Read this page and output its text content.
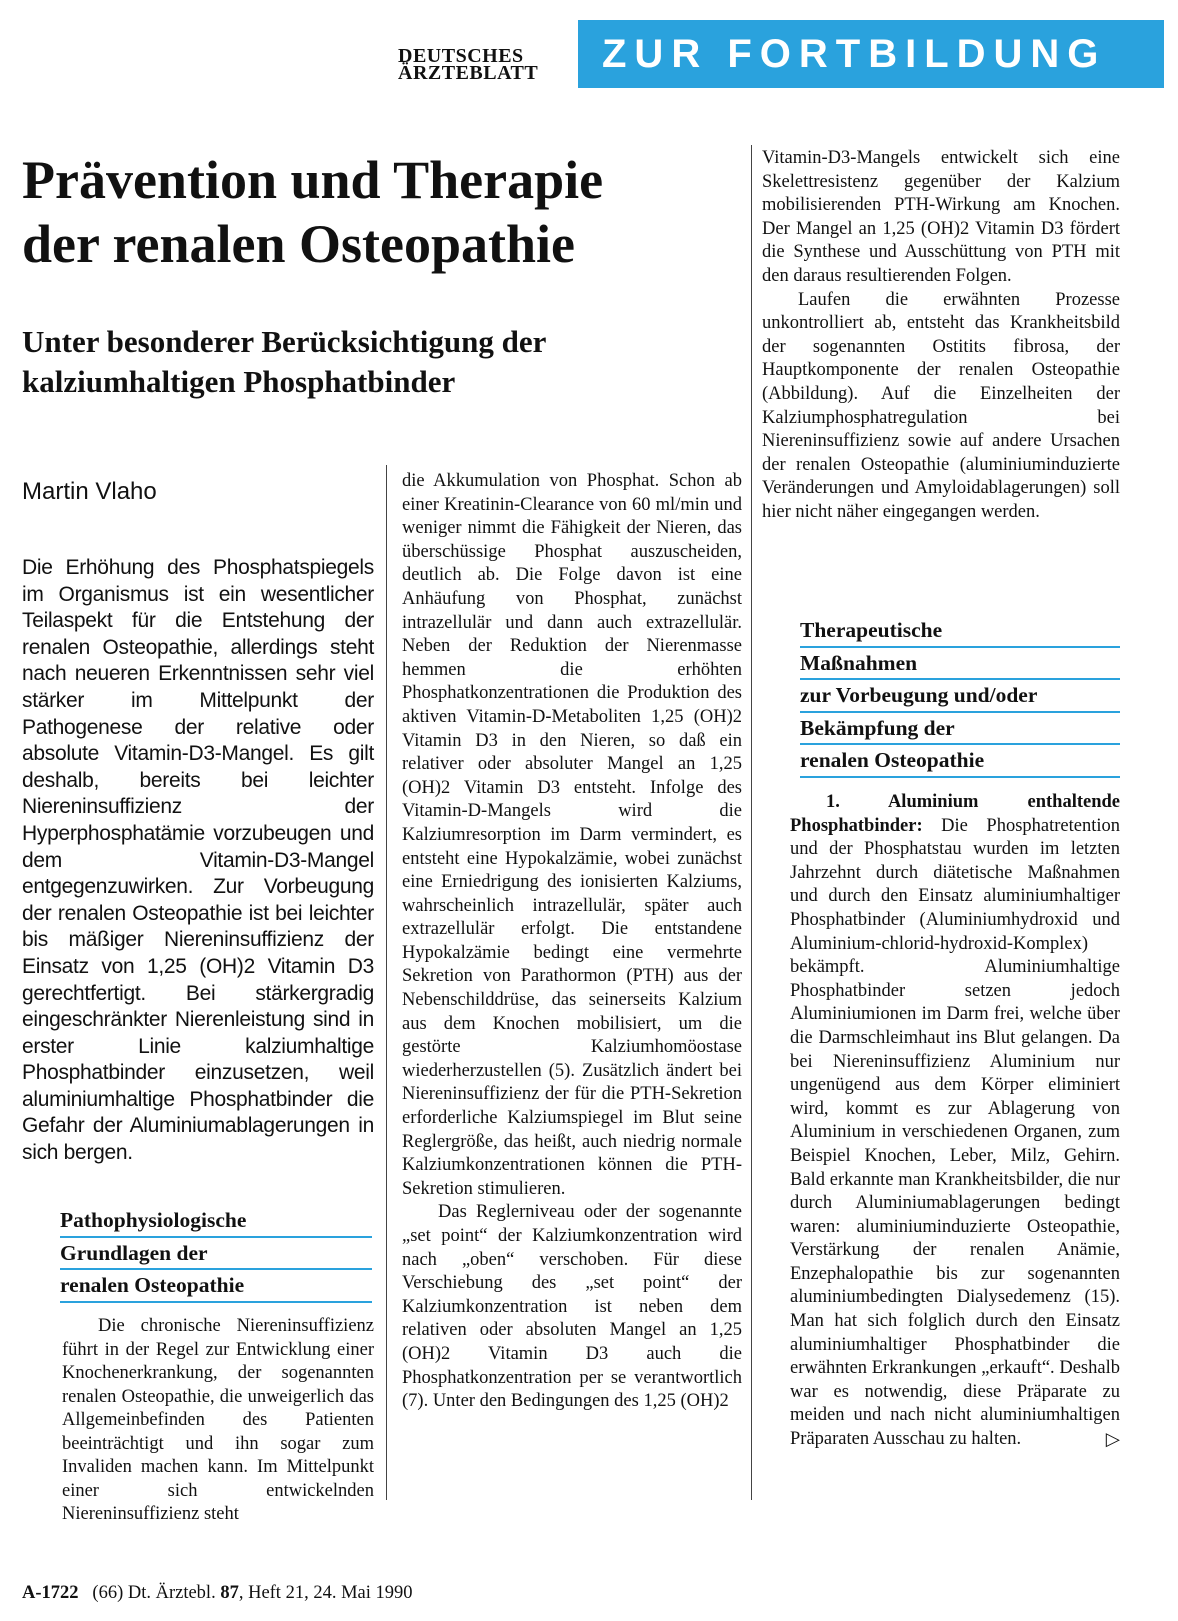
DEUTSCHES
ÄRZTEBLATT	ZUR FORTBILDUNG
Prävention und Therapie
der renalen Osteopathie
Unter besonderer Berücksichtigung der
kalziumhaltigen Phosphatbinder
Martin Vlaho

Die Erhöhung des Phosphatspiegels im Organismus ist ein wesentlicher Teilaspekt für die Entstehung der renalen Osteopathie, allerdings steht nach neueren Erkenntnissen sehr viel stärker im Mittelpunkt der Pathogenese der relative oder absolute Vitamin-D3-Mangel. Es gilt deshalb, bereits bei leichter Niereninsuffizienz der Hyperphosphatämie vorzubeugen und dem Vitamin-D3-Mangel entgegenzuwirken. Zur Vorbeugung der renalen Osteopathie ist bei leichter bis mäßiger Niereninsuffizienz der Einsatz von 1,25 (OH)2 Vitamin D3 gerechtfertigt. Bei stärkergradig eingeschränkter Nierenleistung sind in erster Linie kalziumhaltige Phosphatbinder einzusetzen, weil aluminiumhaltige Phosphatbinder die Gefahr der Aluminiumablagerungen in sich bergen.

Pathophysiologische
Grundlagen der
renalen Osteopathie

Die chronische Niereninsuffizienz führt in der Regel zur Entwicklung einer Knochenerkrankung, der sogenannten renalen Osteopathie, die unweigerlich das Allgemeinbefinden des Patienten beeinträchtigt und ihn sogar zum Invaliden machen kann. Im Mittelpunkt einer sich entwickelnden Niereninsuffizienz steht

die Akkumulation von Phosphat. Schon ab einer Kreatinin-Clearance von 60 ml/min und weniger nimmt die Fähigkeit der Nieren, das überschüssige Phosphat auszuscheiden, deutlich ab. Die Folge davon ist eine Anhäufung von Phosphat, zunächst intrazellulär und dann auch extrazellulär. Neben der Reduktion der Nierenmasse hemmen die erhöhten Phosphatkonzentrationen die Produktion des aktiven Vitamin-D-Metaboliten 1,25 (OH)2 Vitamin D3 in den Nieren, so daß ein relativer oder absoluter Mangel an 1,25 (OH)2 Vitamin D3 entsteht. Infolge des Vitamin-D-Mangels wird die Kalziumresorption im Darm vermindert, es entsteht eine Hypokalzämie, wobei zunächst eine Erniedrigung des ionisierten Kalziums, wahrscheinlich intrazellulär, später auch extrazellulär erfolgt. Die entstandene Hypokalzämie bedingt eine vermehrte Sekretion von Parathormon (PTH) aus der Nebenschilddrüse, das seinerseits Kalzium aus dem Knochen mobilisiert, um die gestörte Kalziumhomöostase wiederherzustellen (5). Zusätzlich ändert bei Niereninsuffizienz der für die PTH-Sekretion erforderliche Kalziumspiegel im Blut seine Reglergröße, das heißt, auch niedrig normale Kalziumkonzentrationen können die PTH-Sekretion stimulieren.

Das Reglerniveau oder der sogenannte „set point“ der Kalziumkonzentration wird nach „oben“ verschoben. Für diese Verschiebung des „set point“ der Kalziumkonzentration ist neben dem relativen oder absoluten Mangel an 1,25 (OH)2 Vitamin D3 auch die Phosphatkonzentration per se verantwortlich (7). Unter den Bedingungen des 1,25 (OH)2

Vitamin-D3-Mangels entwickelt sich eine Skelettresistenz gegenüber der Kalzium mobilisierenden PTH-Wirkung am Knochen. Der Mangel an 1,25 (OH)2 Vitamin D3 fördert die Synthese und Ausschüttung von PTH mit den daraus resultierenden Folgen.

Laufen die erwähnten Prozesse unkontrolliert ab, entsteht das Krankheitsbild der sogenannten Ostitits fibrosa, der Hauptkomponente der renalen Osteopathie (Abbildung). Auf die Einzelheiten der Kalziumphosphatregulation bei Niereninsuffizienz sowie auf andere Ursachen der renalen Osteopathie (aluminiuminduzierte Veränderungen und Amyloidablagerungen) soll hier nicht näher eingegangen werden.

Therapeutische
Maßnahmen
zur Vorbeugung und/oder
Bekämpfung der
renalen Osteopathie

1. Aluminium enthaltende Phosphatbinder: Die Phosphatretention und der Phosphatstau wurden im letzten Jahrzehnt durch diätetische Maßnahmen und durch den Einsatz aluminiumhaltiger Phosphatbinder (Aluminiumhydroxid und Aluminium-chlorid-hydroxid-Komplex) bekämpft. Aluminiumhaltige Phosphatbinder setzen jedoch Aluminiumionen im Darm frei, welche über die Darmschleimhaut ins Blut gelangen. Da bei Niereninsuffizienz Aluminium nur ungenügend aus dem Körper eliminiert wird, kommt es zur Ablagerung von Aluminium in verschiedenen Organen, zum Beispiel Knochen, Leber, Milz, Gehirn. Bald erkannte man Krankheitsbilder, die nur durch Aluminiumablagerungen bedingt waren: aluminiuminduzierte Osteopathie, Verstärkung der renalen Anämie, Enzephalopathie bis zur sogenannten aluminiumbedingten Dialysedemenz (15). Man hat sich folglich durch den Einsatz aluminiumhaltiger Phosphatbinder die erwähnten Erkrankungen „erkauft“. Deshalb war es notwendig, diese Präparate zu meiden und nach nicht aluminiumhaltigen Präparaten Ausschau zu halten.	▷

A-1722 (66) Dt. Ärztebl. 87, Heft 21, 24. Mai 1990
